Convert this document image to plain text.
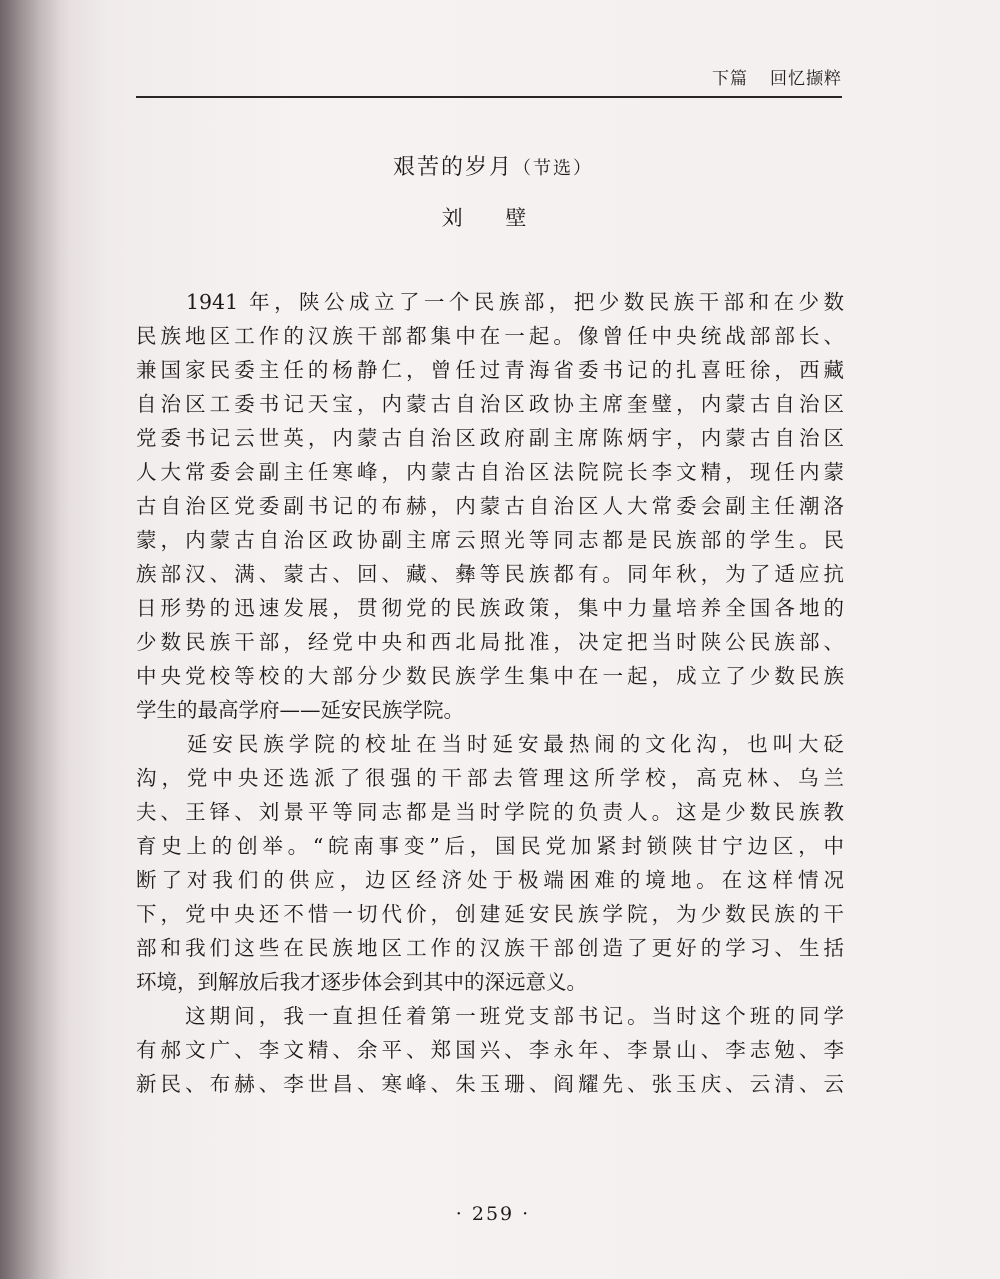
下篇 回忆撷粹
艰苦的岁月（节选）
刘 壁
　　1941 年，陕公成立了一个民族部，把少数民族干部和在少数
民族地区工作的汉族干部都集中在一起。像曾任中央统战部部长、
兼国家民委主任的杨静仁，曾任过青海省委书记的扎喜旺徐，西藏
自治区工委书记天宝，内蒙古自治区政协主席奎璧，内蒙古自治区
党委书记云世英，内蒙古自治区政府副主席陈炳宇，内蒙古自治区
人大常委会副主任寒峰，内蒙古自治区法院院长李文精，现任内蒙
古自治区党委副书记的布赫，内蒙古自治区人大常委会副主任潮洛
蒙，内蒙古自治区政协副主席云照光等同志都是民族部的学生。民
族部汉、满、蒙古、回、藏、彝等民族都有。同年秋，为了适应抗
日形势的迅速发展，贯彻党的民族政策，集中力量培养全国各地的
少数民族干部，经党中央和西北局批准，决定把当时陕公民族部、
中央党校等校的大部分少数民族学生集中在一起，成立了少数民族
学生的最高学府——延安民族学院。
　　延安民族学院的校址在当时延安最热闹的文化沟，也叫大砭
沟，党中央还选派了很强的干部去管理这所学校，高克林、乌兰
夫、王铎、刘景平等同志都是当时学院的负责人。这是少数民族教
育史上的创举。“皖南事变”后，国民党加紧封锁陕甘宁边区，中
断了对我们的供应，边区经济处于极端困难的境地。在这样情况
下，党中央还不惜一切代价，创建延安民族学院，为少数民族的干
部和我们这些在民族地区工作的汉族干部创造了更好的学习、生括
环境，到解放后我才逐步体会到其中的深远意义。
　　这期间，我一直担任着第一班党支部书记。当时这个班的同学
有郝文广、李文精、余平、郑国兴、李永年、李景山、李志勉、李
新民、布赫、李世昌、寒峰、朱玉珊、阎耀先、张玉庆、云清、云
· 259 ·
